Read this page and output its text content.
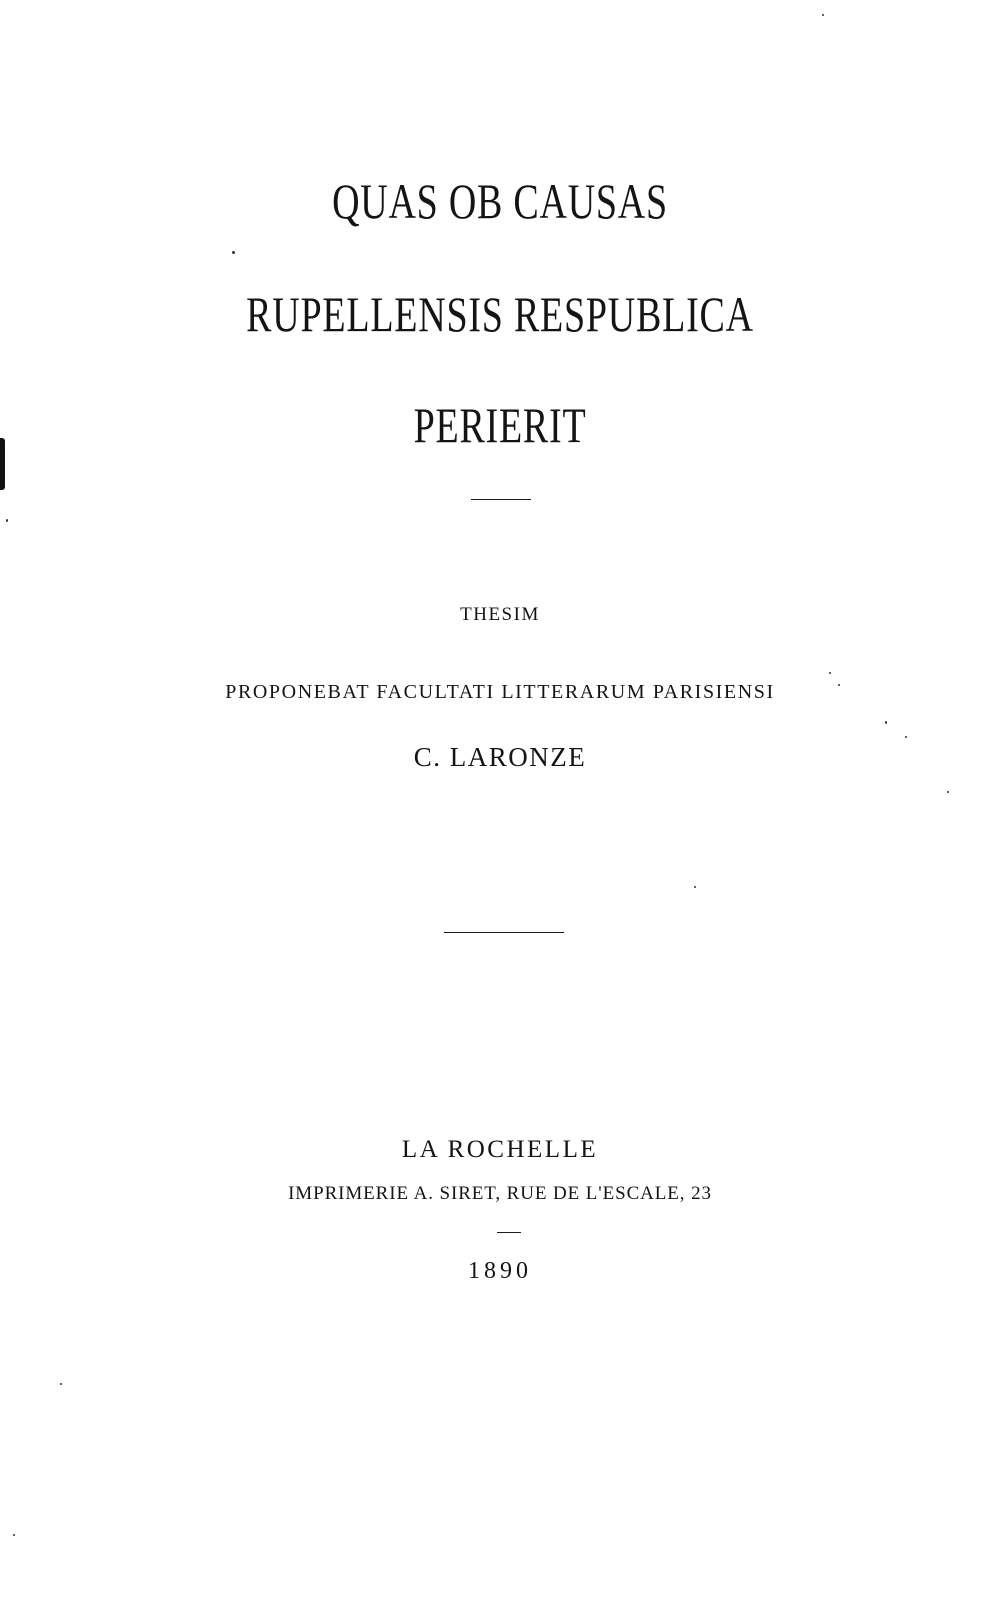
QUAS OB CAUSAS
RUPELLENSIS RESPUBLICA
PERIERIT

THESIM

PROPONEBAT FACULTATI LITTERARUM PARISIENSI

C. LARONZE

LA ROCHELLE

IMPRIMERIE A. SIRET, RUE DE L'ESCALE, 23

1890
